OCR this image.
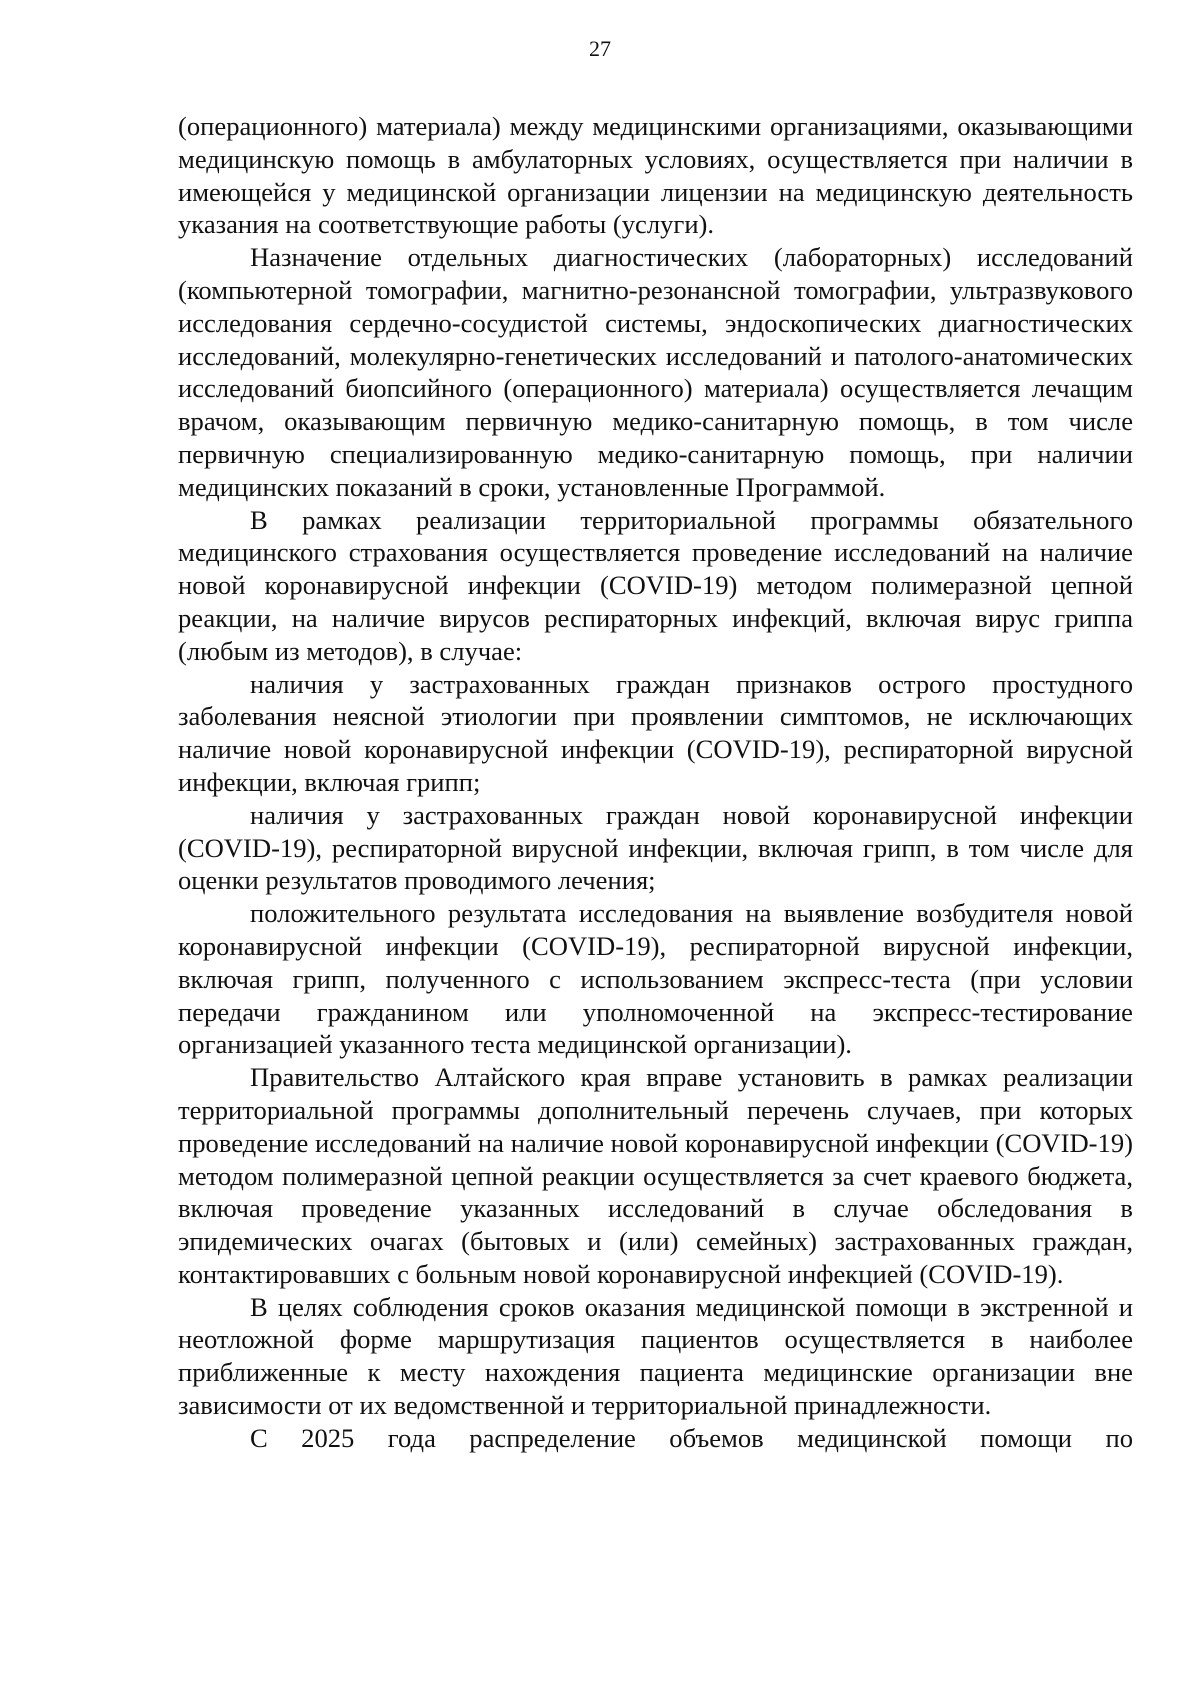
27

(операционного) материала) между медицинскими организациями, оказывающими медицинскую помощь в амбулаторных условиях, осуществляется при наличии в имеющейся у медицинской организации лицензии на медицинскую деятельность указания на соответствующие работы (услуги).

Назначение отдельных диагностических (лабораторных) исследований (компьютерной томографии, магнитно-резонансной томографии, ультразвукового исследования сердечно-сосудистой системы, эндоскопических диагностических исследований, молекулярно-генетических исследований и патолого-анатомических исследований биопсийного (операционного) материала) осуществляется лечащим врачом, оказывающим первичную медико-санитарную помощь, в том числе первичную специализированную медико-санитарную помощь, при наличии медицинских показаний в сроки, установленные Программой.

В рамках реализации территориальной программы обязательного медицинского страхования осуществляется проведение исследований на наличие новой коронавирусной инфекции (COVID-19) методом полимеразной цепной реакции, на наличие вирусов респираторных инфекций, включая вирус гриппа (любым из методов), в случае:

наличия у застрахованных граждан признаков острого простудного заболевания неясной этиологии при проявлении симптомов, не исключающих наличие новой коронавирусной инфекции (COVID-19), респираторной вирусной инфекции, включая грипп;

наличия у застрахованных граждан новой коронавирусной инфекции (COVID-19), респираторной вирусной инфекции, включая грипп, в том числе для оценки результатов проводимого лечения;

положительного результата исследования на выявление возбудителя новой коронавирусной инфекции (COVID-19), респираторной вирусной инфекции, включая грипп, полученного с использованием экспресс-теста (при условии передачи гражданином или уполномоченной на экспресс-тестирование организацией указанного теста медицинской организации).

Правительство Алтайского края вправе установить в рамках реализации территориальной программы дополнительный перечень случаев, при которых проведение исследований на наличие новой коронавирусной инфекции (COVID-19) методом полимеразной цепной реакции осуществляется за счет краевого бюджета, включая проведение указанных исследований в случае обследования в эпидемических очагах (бытовых и (или) семейных) застрахованных граждан, контактировавших с больным новой коронавирусной инфекцией (COVID-19).

В целях соблюдения сроков оказания медицинской помощи в экстренной и неотложной форме маршрутизация пациентов осуществляется в наиболее приближенные к месту нахождения пациента медицинские организации вне зависимости от их ведомственной и территориальной принадлежности.

С 2025 года распределение объемов медицинской помощи по
